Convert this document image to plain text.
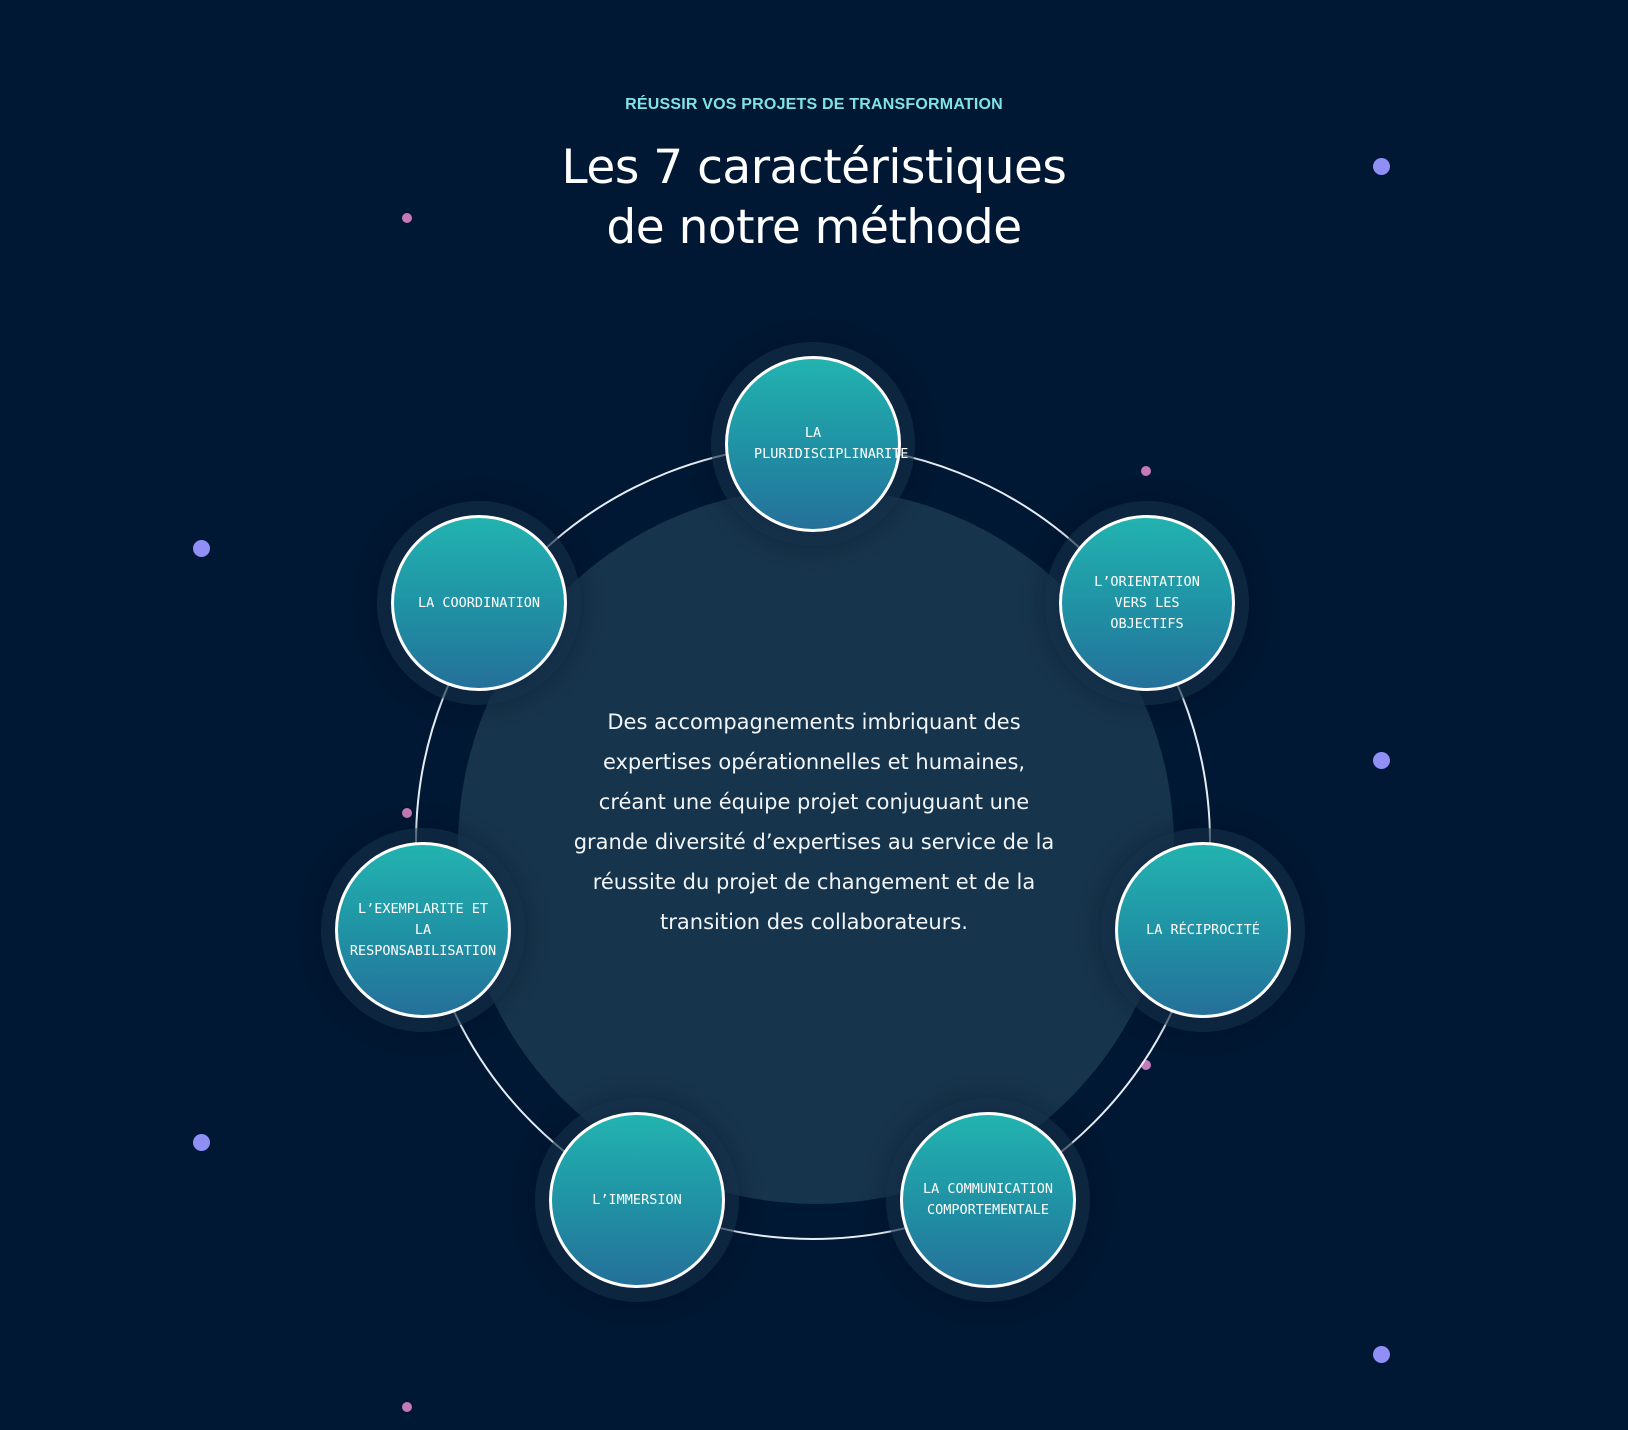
RÉUSSIR VOS PROJETS DE TRANSFORMATION
Les 7 caractéristiques
de notre méthode

Des accompagnements imbriquant des expertises opérationnelles et humaines, créant une équipe projet conjuguant une grande diversité d’expertises au service de la réussite du projet de changement et de la transition des collaborateurs.

LA PLURIDISCIPLINARITE
L’ORIENTATION VERS LES OBJECTIFS
LA RÉCIPROCITÉ
LA COMMUNICATION COMPORTEMENTALE
L’IMMERSION
L’EXEMPLARITE ET LA RESPONSABILISATION
LA COORDINATION
